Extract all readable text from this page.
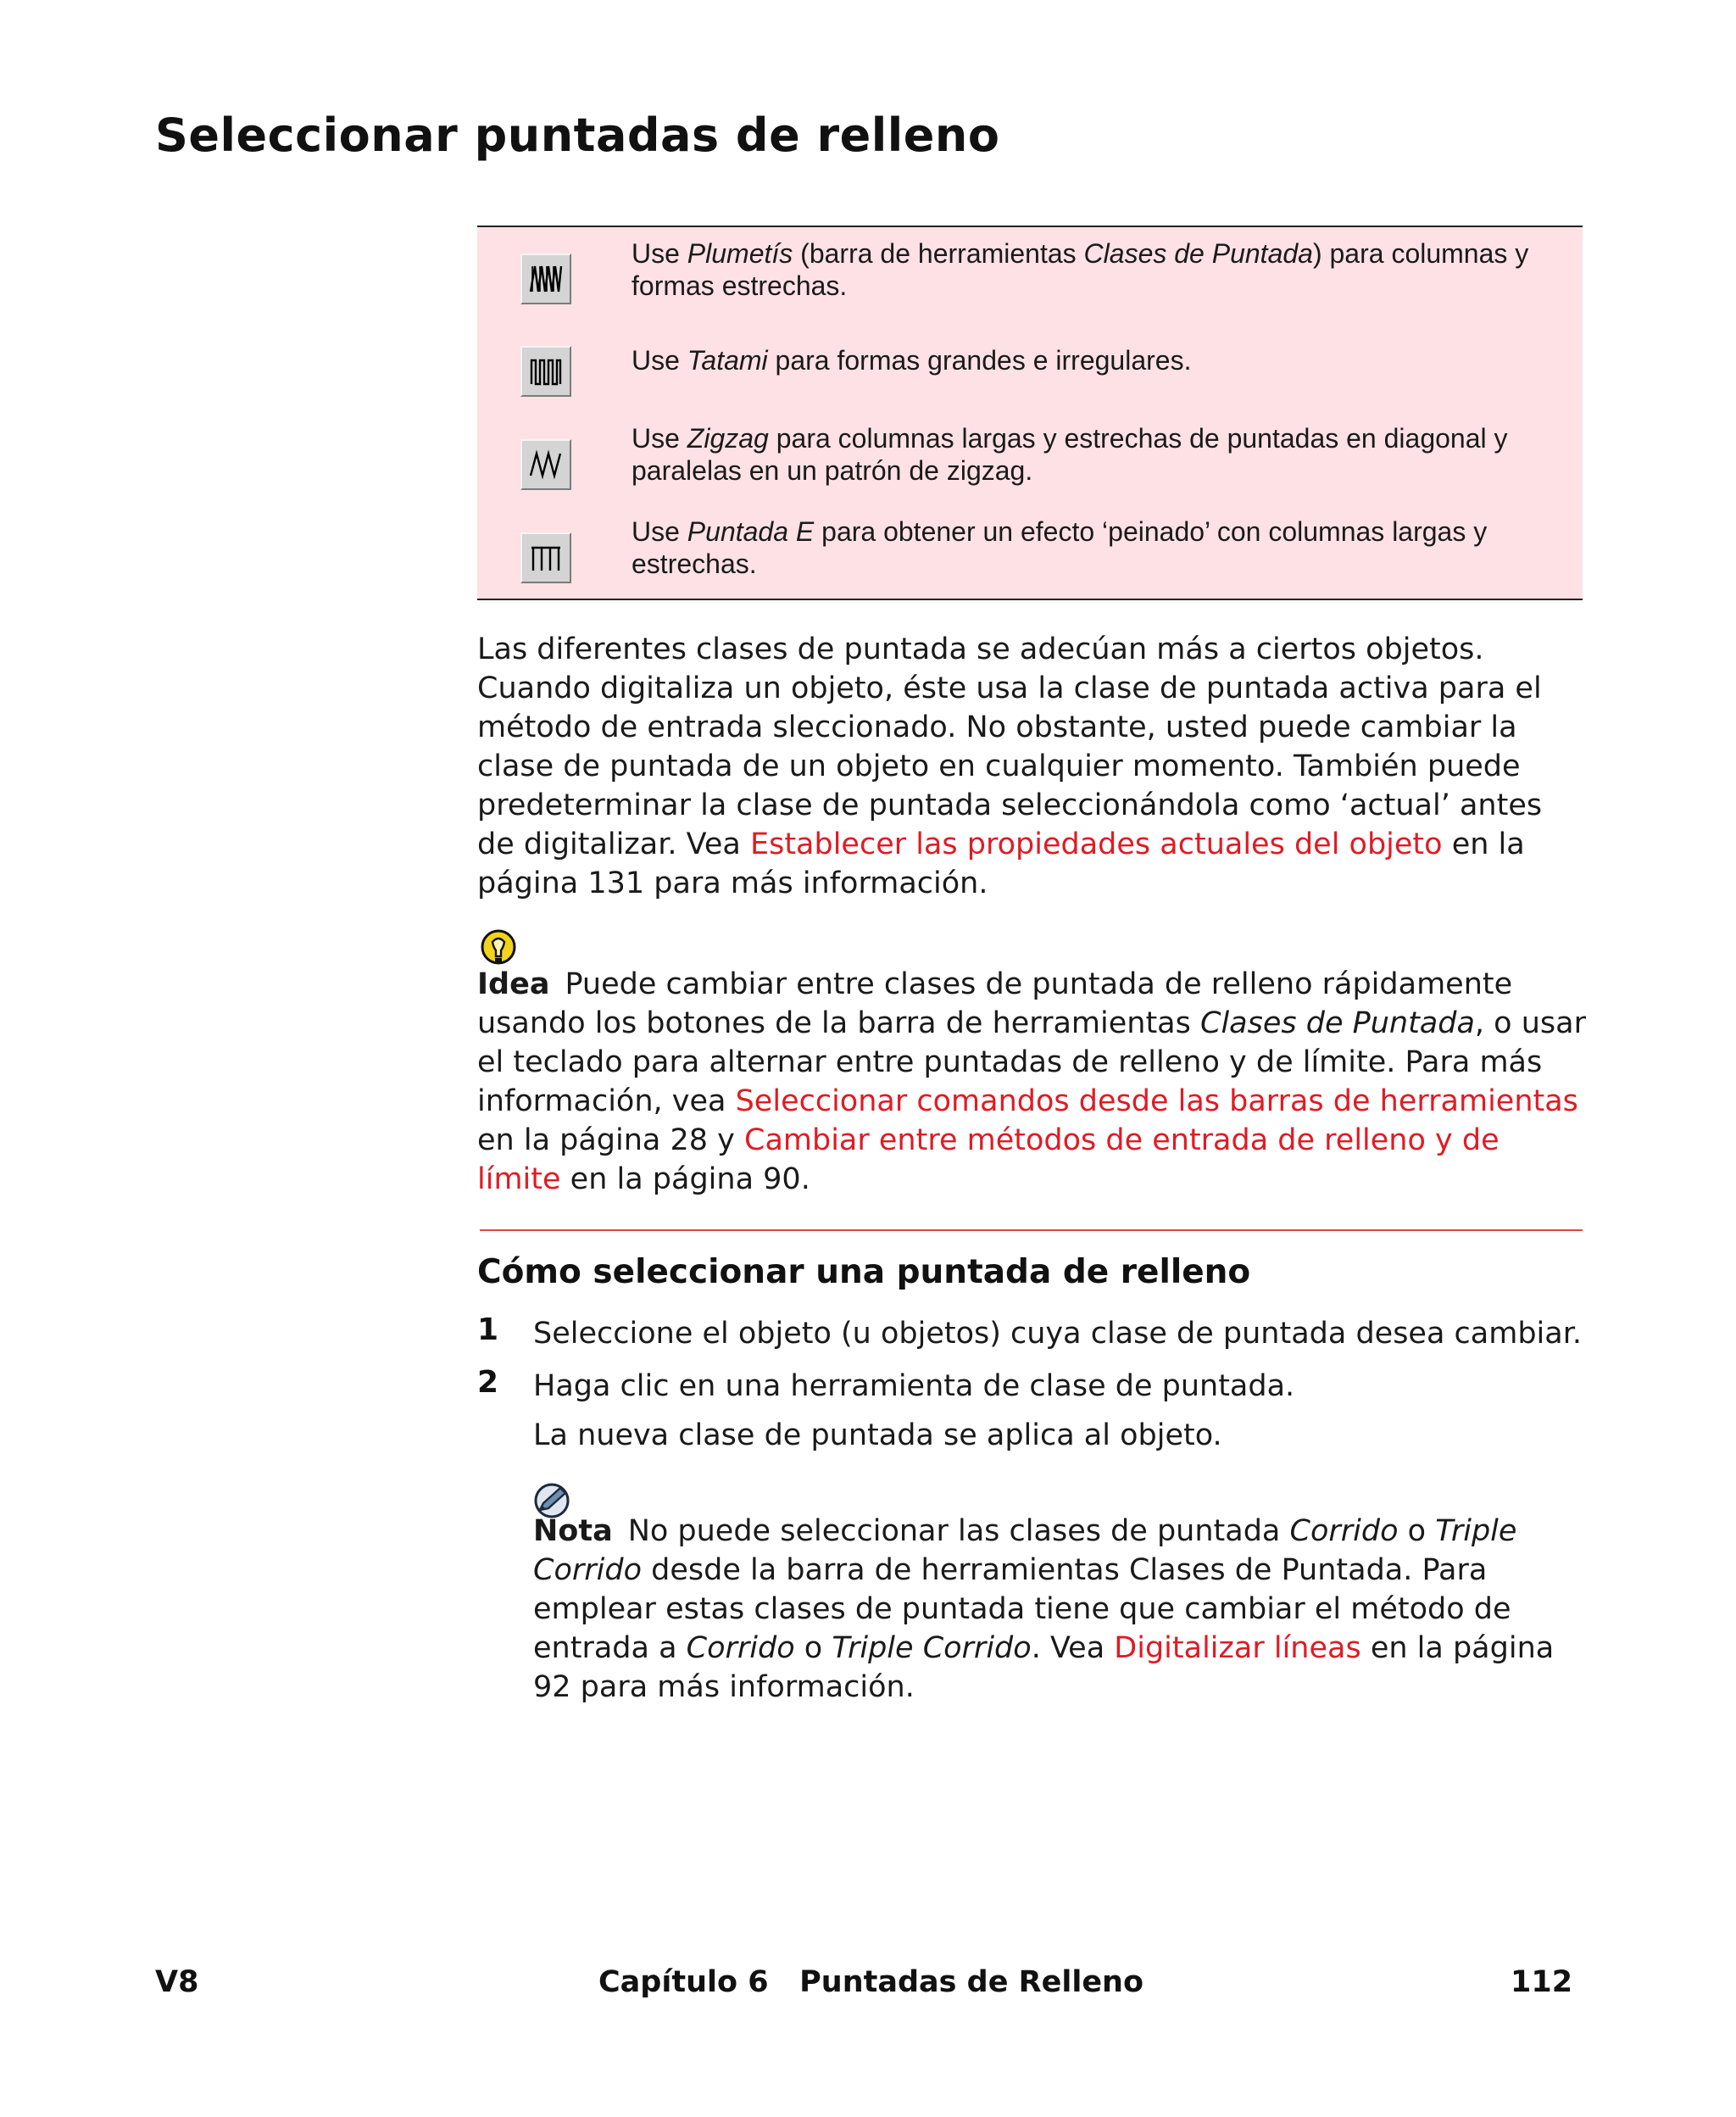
Seleccionar puntadas de relleno

Use Plumetís (barra de herramientas Clases de Puntada) para columnas y formas estrechas.

Use Tatami para formas grandes e irregulares.

Use Zigzag para columnas largas y estrechas de puntadas en diagonal y paralelas en un patrón de zigzag.

Use Puntada E para obtener un efecto ‘peinado’ con columnas largas y estrechas.

Las diferentes clases de puntada se adecúan más a ciertos objetos. Cuando digitaliza un objeto, éste usa la clase de puntada activa para el método de entrada sleccionado. No obstante, usted puede cambiar la clase de puntada de un objeto en cualquier momento. También puede predeterminar la clase de puntada seleccionándola como ‘actual’ antes de digitalizar. Vea Establecer las propiedades actuales del objeto en la página 131 para más información.

Idea Puede cambiar entre clases de puntada de relleno rápidamente usando los botones de la barra de herramientas Clases de Puntada, o usar el teclado para alternar entre puntadas de relleno y de límite. Para más información, vea Seleccionar comandos desde las barras de herramientas en la página 28 y Cambiar entre métodos de entrada de relleno y de límite en la página 90.

Cómo seleccionar una puntada de relleno
1 Seleccione el objeto (u objetos) cuya clase de puntada desea cambiar.

2 Haga clic en una herramienta de clase de puntada.

La nueva clase de puntada se aplica al objeto.

Nota No puede seleccionar las clases de puntada Corrido o Triple Corrido desde la barra de herramientas Clases de Puntada. Para emplear estas clases de puntada tiene que cambiar el método de entrada a Corrido o Triple Corrido. Vea Digitalizar líneas en la página 92 para más información.

V8	Capítulo 6   Puntadas de Relleno	112
